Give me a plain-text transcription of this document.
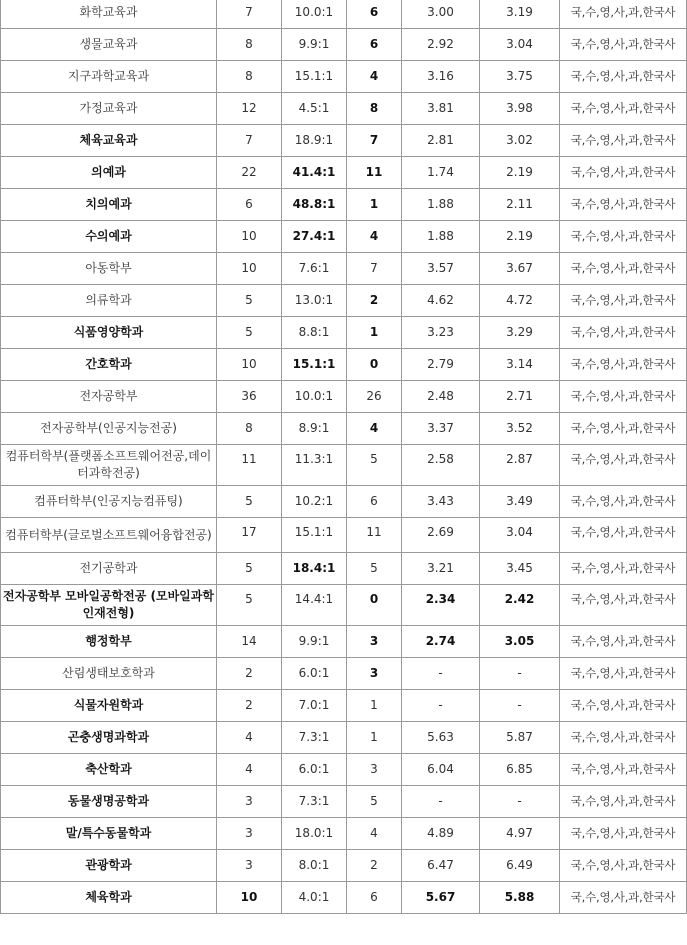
화학교육과	7	10.0:1	6	3.00	3.19	국,수,영,사,과,한국사
생물교육과	8	9.9:1	6	2.92	3.04	국,수,영,사,과,한국사
지구과학교육과	8	15.1:1	4	3.16	3.75	국,수,영,사,과,한국사
가정교육과	12	4.5:1	8	3.81	3.98	국,수,영,사,과,한국사
체육교육과	7	18.9:1	7	2.81	3.02	국,수,영,사,과,한국사
의예과	22	41.4:1	11	1.74	2.19	국,수,영,사,과,한국사
치의예과	6	48.8:1	1	1.88	2.11	국,수,영,사,과,한국사
수의예과	10	27.4:1	4	1.88	2.19	국,수,영,사,과,한국사
아동학부	10	7.6:1	7	3.57	3.67	국,수,영,사,과,한국사
의류학과	5	13.0:1	2	4.62	4.72	국,수,영,사,과,한국사
식품영양학과	5	8.8:1	1	3.23	3.29	국,수,영,사,과,한국사
간호학과	10	15.1:1	0	2.79	3.14	국,수,영,사,과,한국사
전자공학부	36	10.0:1	26	2.48	2.71	국,수,영,사,과,한국사
전자공학부(인공지능전공)	8	8.9:1	4	3.37	3.52	국,수,영,사,과,한국사
컴퓨터학부(플랫폼소프트웨어전공,데이터과학전공)	11	11.3:1	5	2.58	2.87	국,수,영,사,과,한국사
컴퓨터학부(인공지능컴퓨팅)	5	10.2:1	6	3.43	3.49	국,수,영,사,과,한국사
컴퓨터학부(글로벌소프트웨어융합전공)	17	15.1:1	11	2.69	3.04	국,수,영,사,과,한국사
전기공학과	5	18.4:1	5	3.21	3.45	국,수,영,사,과,한국사
전자공학부 모바일공학전공 (모바일과학인재전형)	5	14.4:1	0	2.34	2.42	국,수,영,사,과,한국사
행정학부	14	9.9:1	3	2.74	3.05	국,수,영,사,과,한국사
산림생태보호학과	2	6.0:1	3	-	-	국,수,영,사,과,한국사
식물자원학과	2	7.0:1	1	-	-	국,수,영,사,과,한국사
곤충생명과학과	4	7.3:1	1	5.63	5.87	국,수,영,사,과,한국사
축산학과	4	6.0:1	3	6.04	6.85	국,수,영,사,과,한국사
동물생명공학과	3	7.3:1	5	-	-	국,수,영,사,과,한국사
말/특수동물학과	3	18.0:1	4	4.89	4.97	국,수,영,사,과,한국사
관광학과	3	8.0:1	2	6.47	6.49	국,수,영,사,과,한국사
체육학과	10	4.0:1	6	5.67	5.88	국,수,영,사,과,한국사
